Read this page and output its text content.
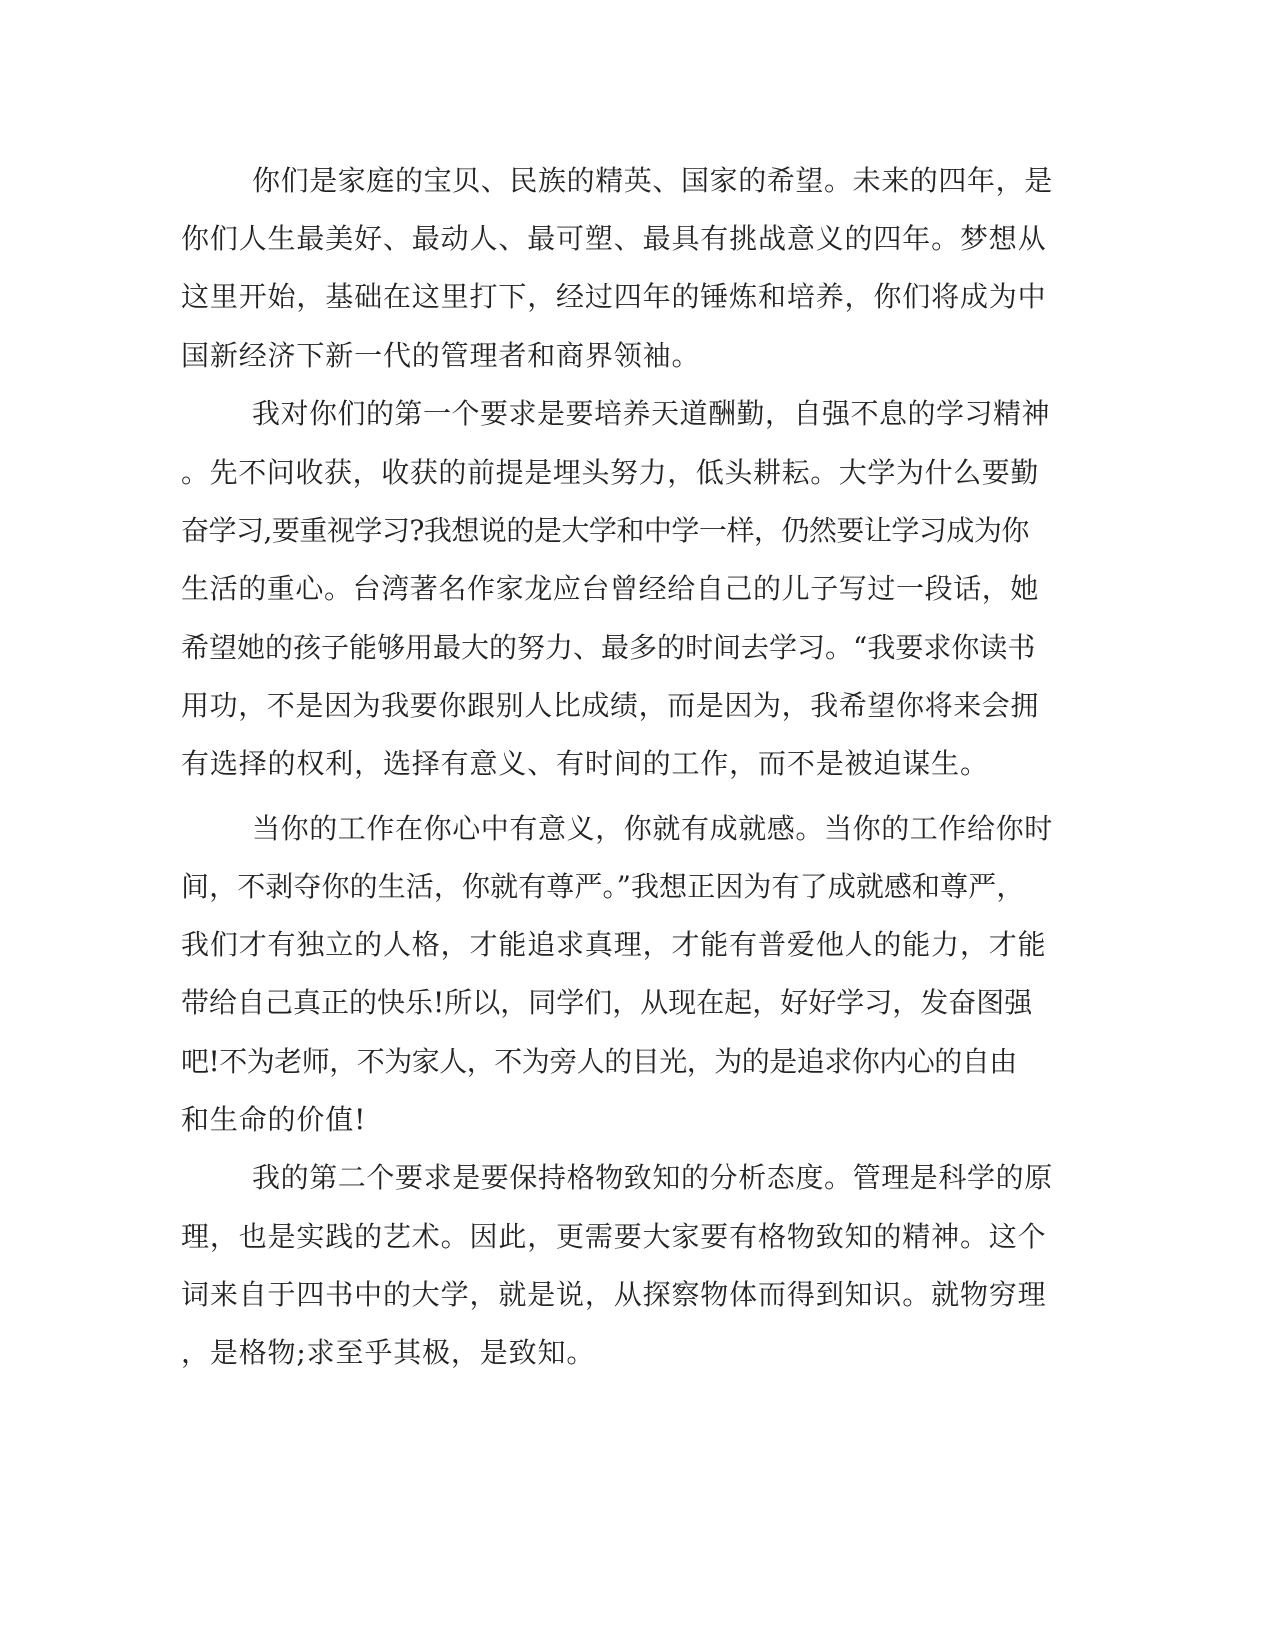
你们是家庭的宝贝、民族的精英、国家的希望。未来的四年，是

你们人生最美好、最动人、最可塑、最具有挑战意义的四年。梦想从

这里开始，基础在这里打下，经过四年的锤炼和培养，你们将成为中

国新经济下新一代的管理者和商界领袖。

我对你们的第一个要求是要培养天道酬勤，自强不息的学习精神

。先不问收获，收获的前提是埋头努力，低头耕耘。大学为什么要勤

奋学习,要重视学习?我想说的是大学和中学一样，仍然要让学习成为你

生活的重心。台湾著名作家龙应台曾经给自己的儿子写过一段话，她

希望她的孩子能够用最大的努力、最多的时间去学习。“我要求你读书

用功，不是因为我要你跟别人比成绩，而是因为，我希望你将来会拥

有选择的权利，选择有意义、有时间的工作，而不是被迫谋生。

当你的工作在你心中有意义，你就有成就感。当你的工作给你时

间，不剥夺你的生活，你就有尊严。”我想正因为有了成就感和尊严，

我们才有独立的人格，才能追求真理，才能有普爱他人的能力，才能

带给自己真正的快乐!所以，同学们，从现在起，好好学习，发奋图强

吧!不为老师，不为家人，不为旁人的目光，为的是追求你内心的自由

和生命的价值!

我的第二个要求是要保持格物致知的分析态度。管理是科学的原

理，也是实践的艺术。因此，更需要大家要有格物致知的精神。这个

词来自于四书中的大学，就是说，从探察物体而得到知识。就物穷理

，是格物;求至乎其极，是致知。
